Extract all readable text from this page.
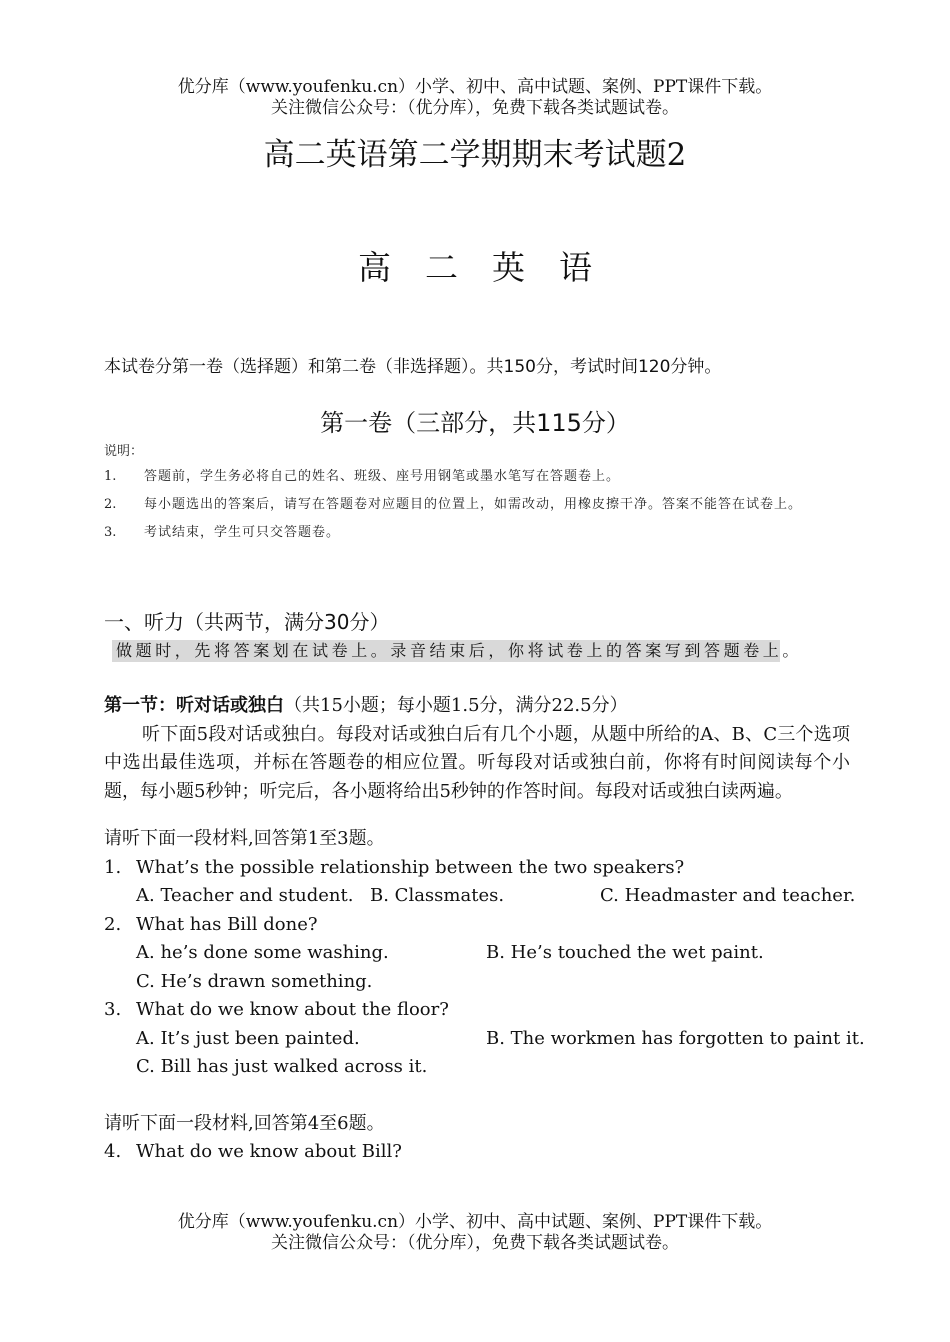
优分库（www.youfenku.cn）小学、初中、高中试题、案例、PPT课件下载。
关注微信公众号：（优分库），免费下载各类试题试卷。
高二英语第二学期期末考试题2
高二英语
本试卷分第一卷（选择题）和第二卷（非选择题）。共150分，考试时间120分钟。
第一卷（三部分，共115分）
说明：
1.	答题前，学生务必将自己的姓名、班级、座号用钢笔或墨水笔写在答题卷上。
2.	每小题选出的答案后，请写在答题卷对应题目的位置上，如需改动，用橡皮擦干净。答案不能答在试卷上。
3.	考试结束，学生可只交答题卷。
一、听力（共两节，满分30分）
做题时，先将答案划在试卷上。录音结束后，你将试卷上的答案写到答题卷上。
第一节：听对话或独白（共15小题；每小题1.5分，满分22.5分）
听下面5段对话或独白。每段对话或独白后有几个小题，从题中所给的A、B、C三个选项中选出最佳选项，并标在答题卷的相应位置。听每段对话或独白前，你将有时间阅读每个小题，每小题5秒钟；听完后，各小题将给出5秒钟的作答时间。每段对话或独白读两遍。
请听下面一段材料,回答第1至3题。
1. What’s the possible relationship between the two speakers?
A. Teacher and student. B. Classmates.	C. Headmaster and teacher.
2. What has Bill done?
A. he’s done some washing.	B. He’s touched the wet paint.
C. He’s drawn something.
3. What do we know about the floor?
A. It’s just been painted.	B. The workmen has forgotten to paint it.
C. Bill has just walked across it.
请听下面一段材料,回答第4至6题。
4. What do we know about Bill?
优分库（www.youfenku.cn）小学、初中、高中试题、案例、PPT课件下载。
关注微信公众号：（优分库），免费下载各类试题试卷。
